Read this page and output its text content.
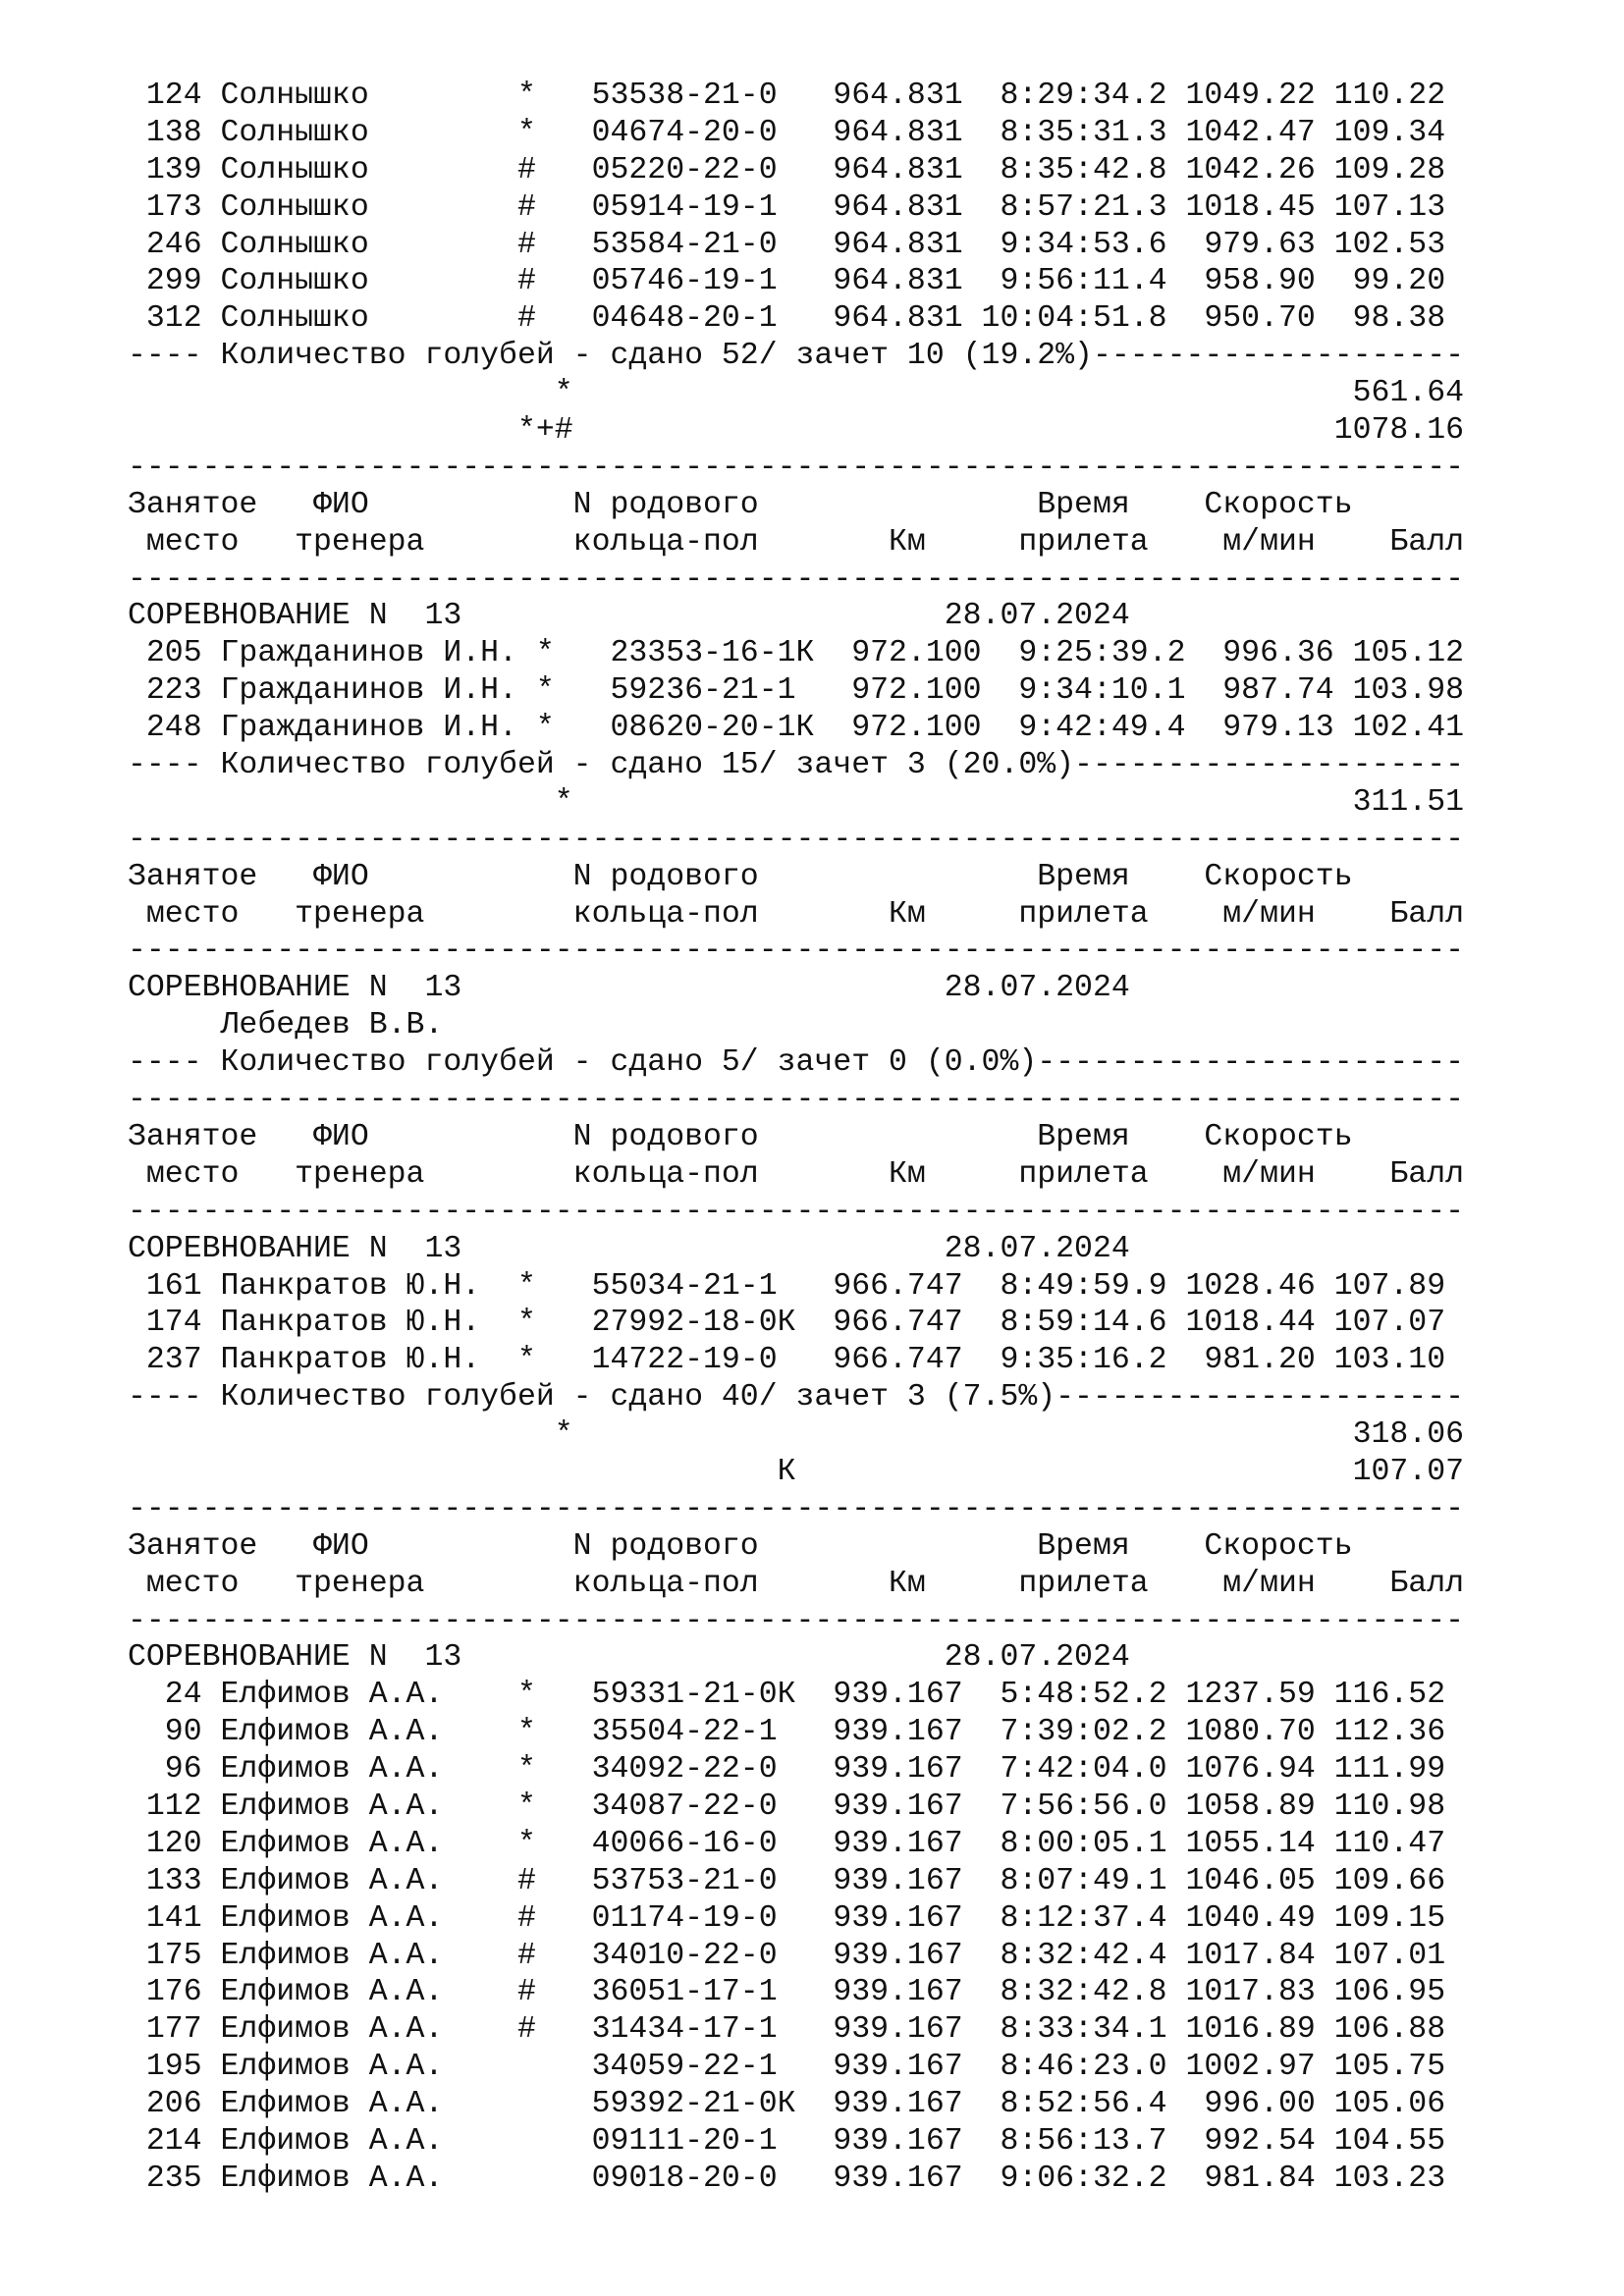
124 Солнышко        *   53538-21-0   964.831  8:29:34.2 1049.22 110.22
138 Солнышко        *   04674-20-0   964.831  8:35:31.3 1042.47 109.34
139 Солнышко        #   05220-22-0   964.831  8:35:42.8 1042.26 109.28
173 Солнышко        #   05914-19-1   964.831  8:57:21.3 1018.45 107.13
246 Солнышко        #   53584-21-0   964.831  9:34:53.6  979.63 102.53
299 Солнышко        #   05746-19-1   964.831  9:56:11.4  958.90  99.20
312 Солнышко        #   04648-20-1   964.831 10:04:51.8  950.70  98.38
---- Количество голубей - сдано 52/ зачет 10 (19.2%)--------------------
*                                          561.64
*+#                                         1078.16
------------------------------------------------------------------------
Занятое   ФИО           N родового               Время    Скорость
место   тренера        кольца-пол       Км     прилета    м/мин    Балл
------------------------------------------------------------------------
СОРЕВНОВАНИЕ N  13                          28.07.2024
205 Гражданинов И.Н. *   23353-16-1К  972.100  9:25:39.2  996.36 105.12
223 Гражданинов И.Н. *   59236-21-1   972.100  9:34:10.1  987.74 103.98
248 Гражданинов И.Н. *   08620-20-1К  972.100  9:42:49.4  979.13 102.41
---- Количество голубей - сдано 15/ зачет 3 (20.0%)---------------------
*                                          311.51
------------------------------------------------------------------------
Занятое   ФИО           N родового               Время    Скорость
место   тренера        кольца-пол       Км     прилета    м/мин    Балл
------------------------------------------------------------------------
СОРЕВНОВАНИЕ N  13                          28.07.2024
Лебедев В.В.
---- Количество голубей - сдано 5/ зачет 0 (0.0%)-----------------------
------------------------------------------------------------------------
Занятое   ФИО           N родового               Время    Скорость
место   тренера        кольца-пол       Км     прилета    м/мин    Балл
------------------------------------------------------------------------
СОРЕВНОВАНИЕ N  13                          28.07.2024
161 Панкратов Ю.Н.  *   55034-21-1   966.747  8:49:59.9 1028.46 107.89
174 Панкратов Ю.Н.  *   27992-18-0К  966.747  8:59:14.6 1018.44 107.07
237 Панкратов Ю.Н.  *   14722-19-0   966.747  9:35:16.2  981.20 103.10
---- Количество голубей - сдано 40/ зачет 3 (7.5%)----------------------
*                                          318.06
К                              107.07
------------------------------------------------------------------------
Занятое   ФИО           N родового               Время    Скорость
место   тренера        кольца-пол       Км     прилета    м/мин    Балл
------------------------------------------------------------------------
СОРЕВНОВАНИЕ N  13                          28.07.2024
24 Елфимов А.А.    *   59331-21-0К  939.167  5:48:52.2 1237.59 116.52
90 Елфимов А.А.    *   35504-22-1   939.167  7:39:02.2 1080.70 112.36
96 Елфимов А.А.    *   34092-22-0   939.167  7:42:04.0 1076.94 111.99
112 Елфимов А.А.    *   34087-22-0   939.167  7:56:56.0 1058.89 110.98
120 Елфимов А.А.    *   40066-16-0   939.167  8:00:05.1 1055.14 110.47
133 Елфимов А.А.    #   53753-21-0   939.167  8:07:49.1 1046.05 109.66
141 Елфимов А.А.    #   01174-19-0   939.167  8:12:37.4 1040.49 109.15
175 Елфимов А.А.    #   34010-22-0   939.167  8:32:42.4 1017.84 107.01
176 Елфимов А.А.    #   36051-17-1   939.167  8:32:42.8 1017.83 106.95
177 Елфимов А.А.    #   31434-17-1   939.167  8:33:34.1 1016.89 106.88
195 Елфимов А.А.        34059-22-1   939.167  8:46:23.0 1002.97 105.75
206 Елфимов А.А.        59392-21-0К  939.167  8:52:56.4  996.00 105.06
214 Елфимов А.А.        09111-20-1   939.167  8:56:13.7  992.54 104.55
235 Елфимов А.А.        09018-20-0   939.167  9:06:32.2  981.84 103.23
